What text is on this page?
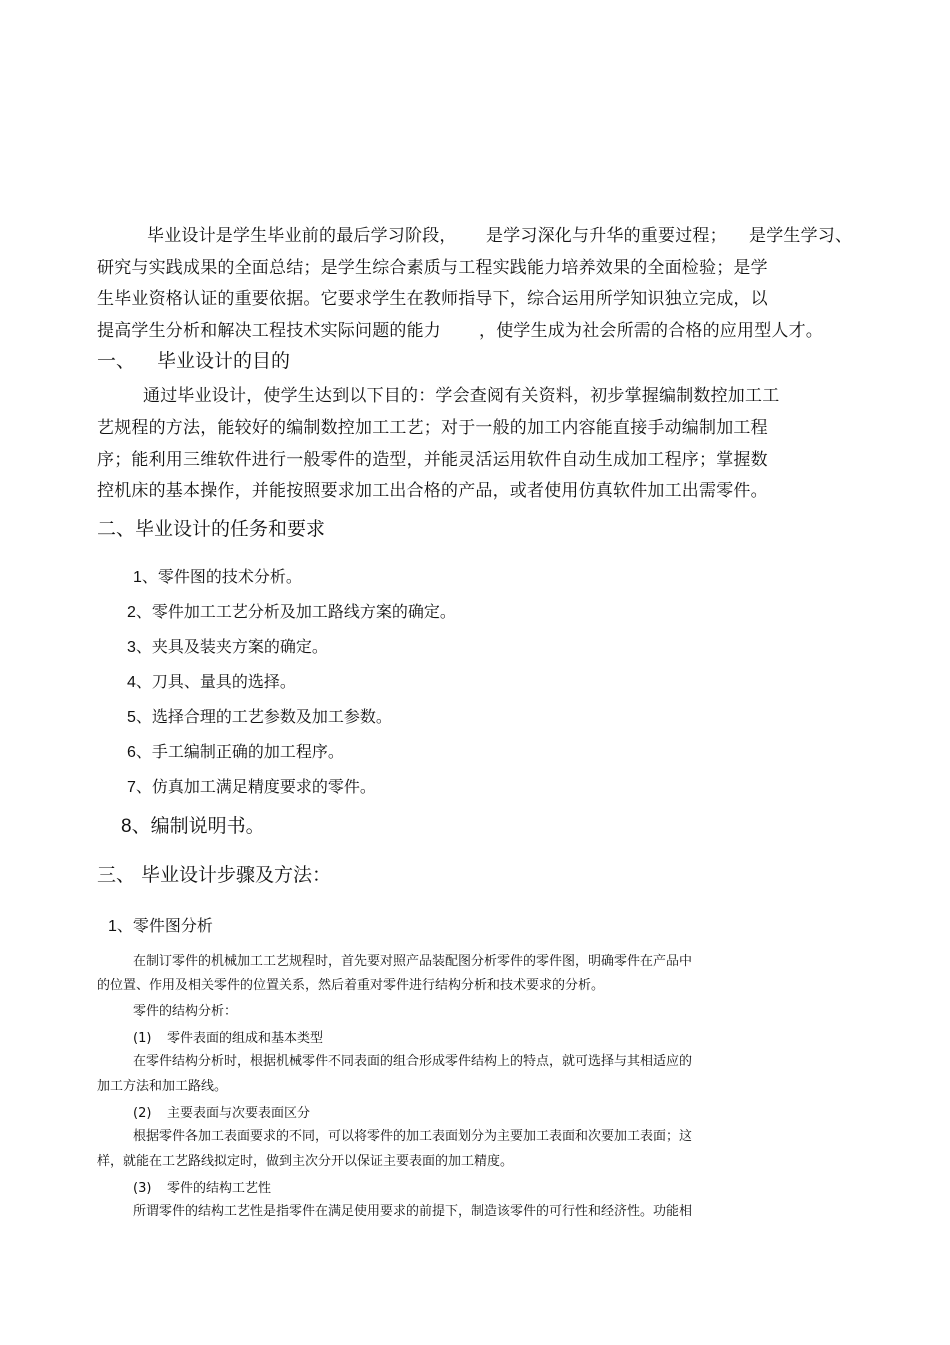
毕业设计是学生毕业前的最后学习阶段， 是学习深化与升华的重要过程； 是学生学习、
研究与实践成果的全面总结；是学生综合素质与工程实践能力培养效果的全面检验；是学
生毕业资格认证的重要依据。它要求学生在教师指导下，综合运用所学知识独立完成，以
提高学生分析和解决工程技术实际问题的能力 ，使学生成为社会所需的合格的应用型人才。
一、 毕业设计的目的
通过毕业设计，使学生达到以下目的：学会查阅有关资料，初步掌握编制数控加工工
艺规程的方法，能较好的编制数控加工工艺；对于一般的加工内容能直接手动编制加工程
序；能利用三维软件进行一般零件的造型，并能灵活运用软件自动生成加工程序；掌握数
控机床的基本操作，并能按照要求加工出合格的产品，或者使用仿真软件加工出需零件。
二、毕业设计的任务和要求
1、零件图的技术分析。
2、零件加工工艺分析及加工路线方案的确定。
3、夹具及装夹方案的确定。
4、刀具、量具的选择。
5、选择合理的工艺参数及加工参数。
6、手工编制正确的加工程序。
7、仿真加工满足精度要求的零件。
8、编制说明书。
三、 毕业设计步骤及方法：
1、零件图分析
在制订零件的机械加工工艺规程时，首先要对照产品装配图分析零件的零件图，明确零件在产品中
的位置、作用及相关零件的位置关系，然后着重对零件进行结构分析和技术要求的分析。
零件的结构分析：
(1) 零件表面的组成和基本类型
在零件结构分析时，根据机械零件不同表面的组合形成零件结构上的特点，就可选择与其相适应的
加工方法和加工路线。
(2) 主要表面与次要表面区分
根据零件各加工表面要求的不同，可以将零件的加工表面划分为主要加工表面和次要加工表面；这
样，就能在工艺路线拟定时，做到主次分开以保证主要表面的加工精度。
(3) 零件的结构工艺性
所谓零件的结构工艺性是指零件在满足使用要求的前提下，制造该零件的可行性和经济性。功能相
